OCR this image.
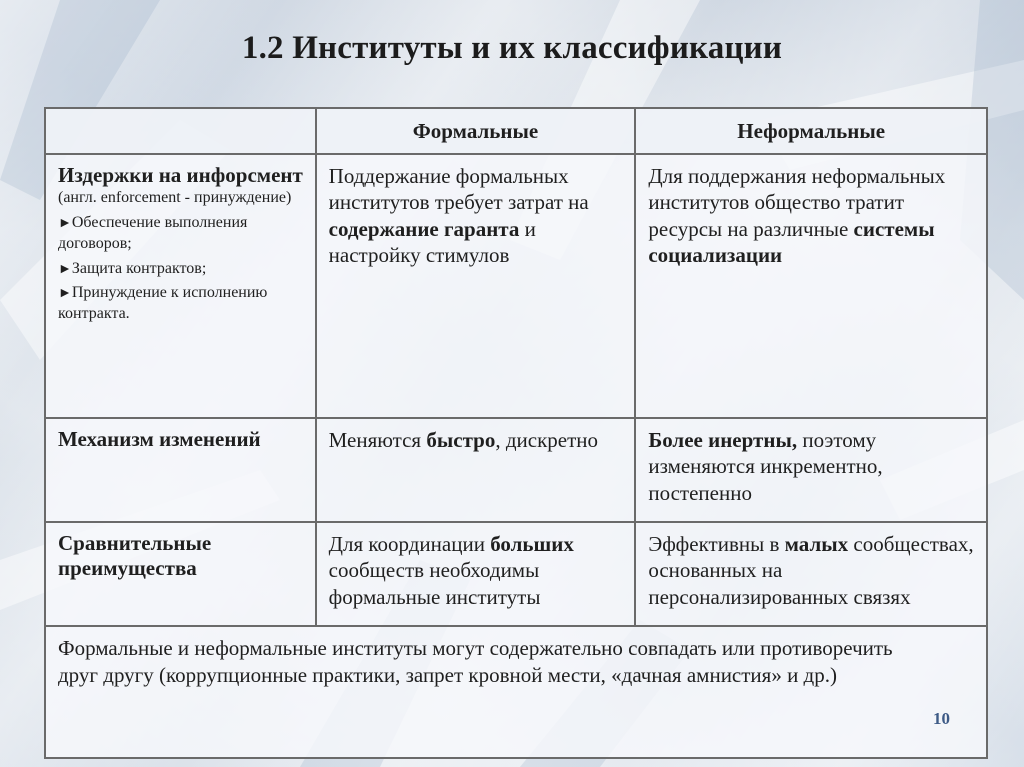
1.2 Институты и их классификации
	Формальные	Неформальные

Издержки на инфорсмент
(англ. enforcement - принуждение)
►Обеспечение выполнения договоров;
►Защита контрактов;
►Принуждение к исполнению контракта.	Поддержание формальных институтов требует затрат на содержание гаранта и настройку стимулов	Для поддержания неформальных институтов общество тратит ресурсы на различные системы социализации

Механизм изменений	Меняются быстро, дискретно	Более инертны, поэтому изменяются инкрементно, постепенно

Сравнительные преимущества	Для координации больших сообществ необходимы формальные институты	Эффективны в малых сообществах, основанных на персонализированных связях

Формальные и неформальные институты могут содержательно совпадать или противоречить друг другу (коррупционные практики, запрет кровной мести, «дачная амнистия» и др.)		
10
